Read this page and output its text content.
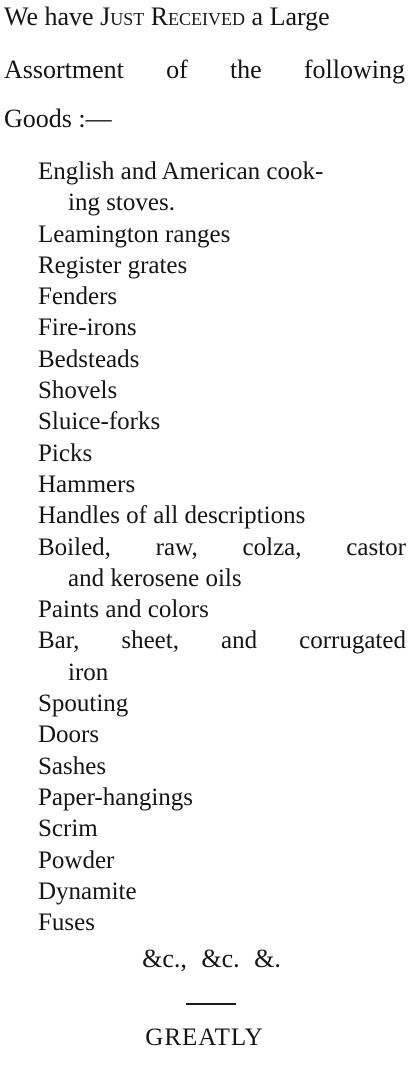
We have Just Received a Large
Assortment of the following
Goods :—
English and American cook-
ing stoves.
Leamington ranges
Register grates
Fenders
Fire-irons
Bedsteads
Shovels
Sluice-forks
Picks
Hammers
Handles of all descriptions
Boiled, raw, colza, castor
and kerosene oils
Paints and colors
Bar, sheet, and corrugated
iron
Spouting
Doors
Sashes
Paper-hangings
Scrim
Powder
Dynamite
Fuses
&c., &c. &.
GREATLY
